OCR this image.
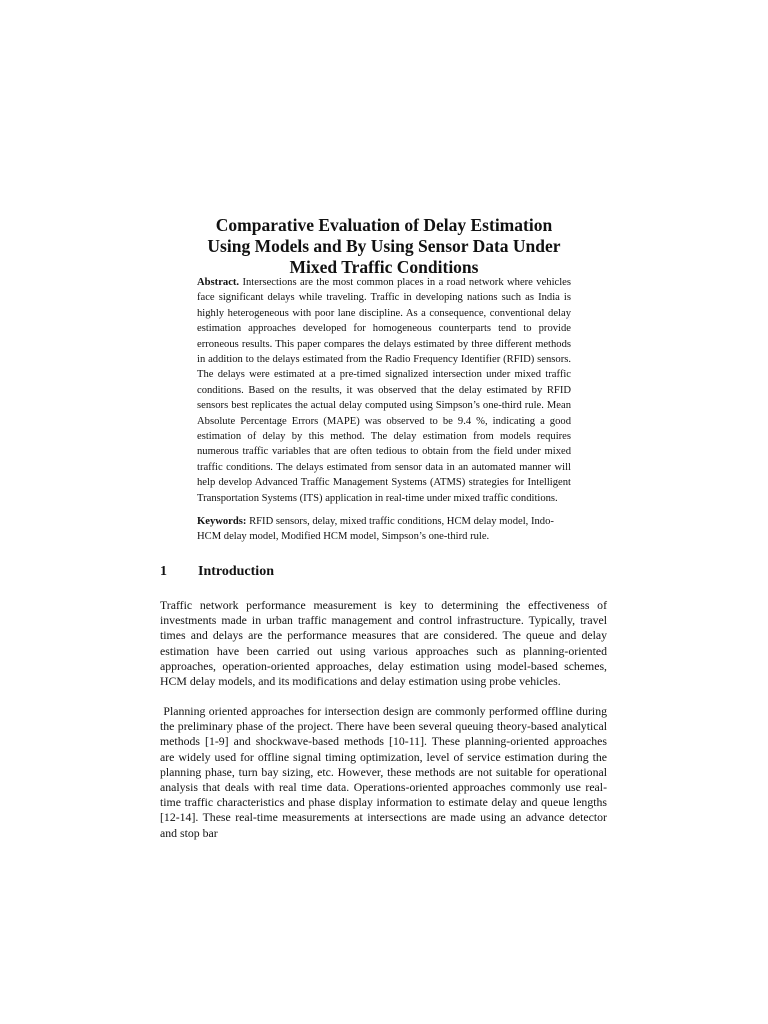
Comparative Evaluation of Delay Estimation
Using Models and By Using Sensor Data Under
Mixed Traffic Conditions

Abstract. Intersections are the most common places in a road network where vehicles face significant delays while traveling. Traffic in developing nations such as India is highly heterogeneous with poor lane discipline. As a consequence, conventional delay estimation approaches developed for homogeneous counterparts tend to provide erroneous results. This paper compares the delays estimated by three different methods in addition to the delays estimated from the Radio Frequency Identifier (RFID) sensors. The delays were estimated at a pre-timed signalized intersection under mixed traffic conditions. Based on the results, it was observed that the delay estimated by RFID sensors best replicates the actual delay computed using Simpson’s one-third rule. Mean Absolute Percentage Errors (MAPE) was observed to be 9.4 %, indicating a good estimation of delay by this method. The delay estimation from models requires numerous traffic variables that are often tedious to obtain from the field under mixed traffic conditions. The delays estimated from sensor data in an automated manner will help develop Advanced Traffic Management Systems (ATMS) strategies for Intelligent Transportation Systems (ITS) application in real-time under mixed traffic conditions.

Keywords: RFID sensors, delay, mixed traffic conditions, HCM delay model, Indo-HCM delay model, Modified HCM model, Simpson’s one-third rule.

1 Introduction

Traffic network performance measurement is key to determining the effectiveness of investments made in urban traffic management and control infrastructure. Typically, travel times and delays are the performance measures that are considered. The queue and delay estimation have been carried out using various approaches such as planning-oriented approaches, operation-oriented approaches, delay estimation using model-based schemes, HCM delay models, and its modifications and delay estimation using probe vehicles.

Planning oriented approaches for intersection design are commonly performed offline during the preliminary phase of the project. There have been several queuing theory-based analytical methods [1-9] and shockwave-based methods [10-11]. These planning-oriented approaches are widely used for offline signal timing optimization, level of service estimation during the planning phase, turn bay sizing, etc. However, these methods are not suitable for operational analysis that deals with real time data. Operations-oriented approaches commonly use real-time traffic characteristics and phase display information to estimate delay and queue lengths [12-14]. These real-time measurements at intersections are made using an advance detector and stop bar
